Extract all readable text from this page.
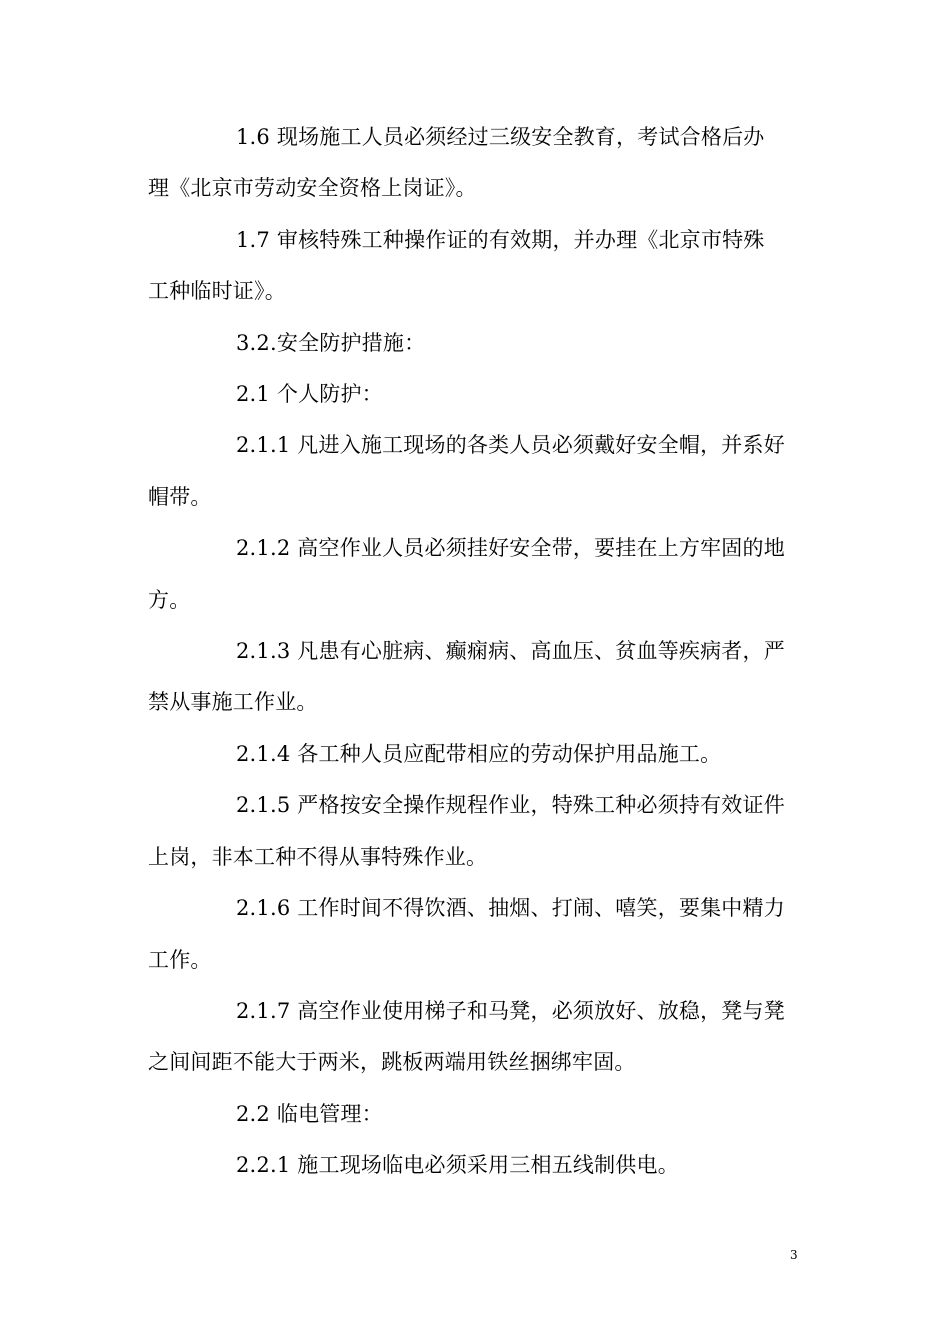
1.6 现场施工人员必须经过三级安全教育，考试合格后办

理《北京市劳动安全资格上岗证》。

1.7 审核特殊工种操作证的有效期，并办理《北京市特殊

工种临时证》。

3.2.安全防护措施：

2.1 个人防护：

2.1.1 凡进入施工现场的各类人员必须戴好安全帽，并系好

帽带。

2.1.2 高空作业人员必须挂好安全带，要挂在上方牢固的地

方。

2.1.3 凡患有心脏病、癫痫病、高血压、贫血等疾病者，严

禁从事施工作业。

2.1.4 各工种人员应配带相应的劳动保护用品施工。

2.1.5 严格按安全操作规程作业，特殊工种必须持有效证件

上岗，非本工种不得从事特殊作业。

2.1.6 工作时间不得饮酒、抽烟、打闹、嘻笑，要集中精力

工作。

2.1.7 高空作业使用梯子和马凳，必须放好、放稳，凳与凳

之间间距不能大于两米，跳板两端用铁丝捆绑牢固。

2.2 临电管理：

2.2.1 施工现场临电必须采用三相五线制供电。

3
